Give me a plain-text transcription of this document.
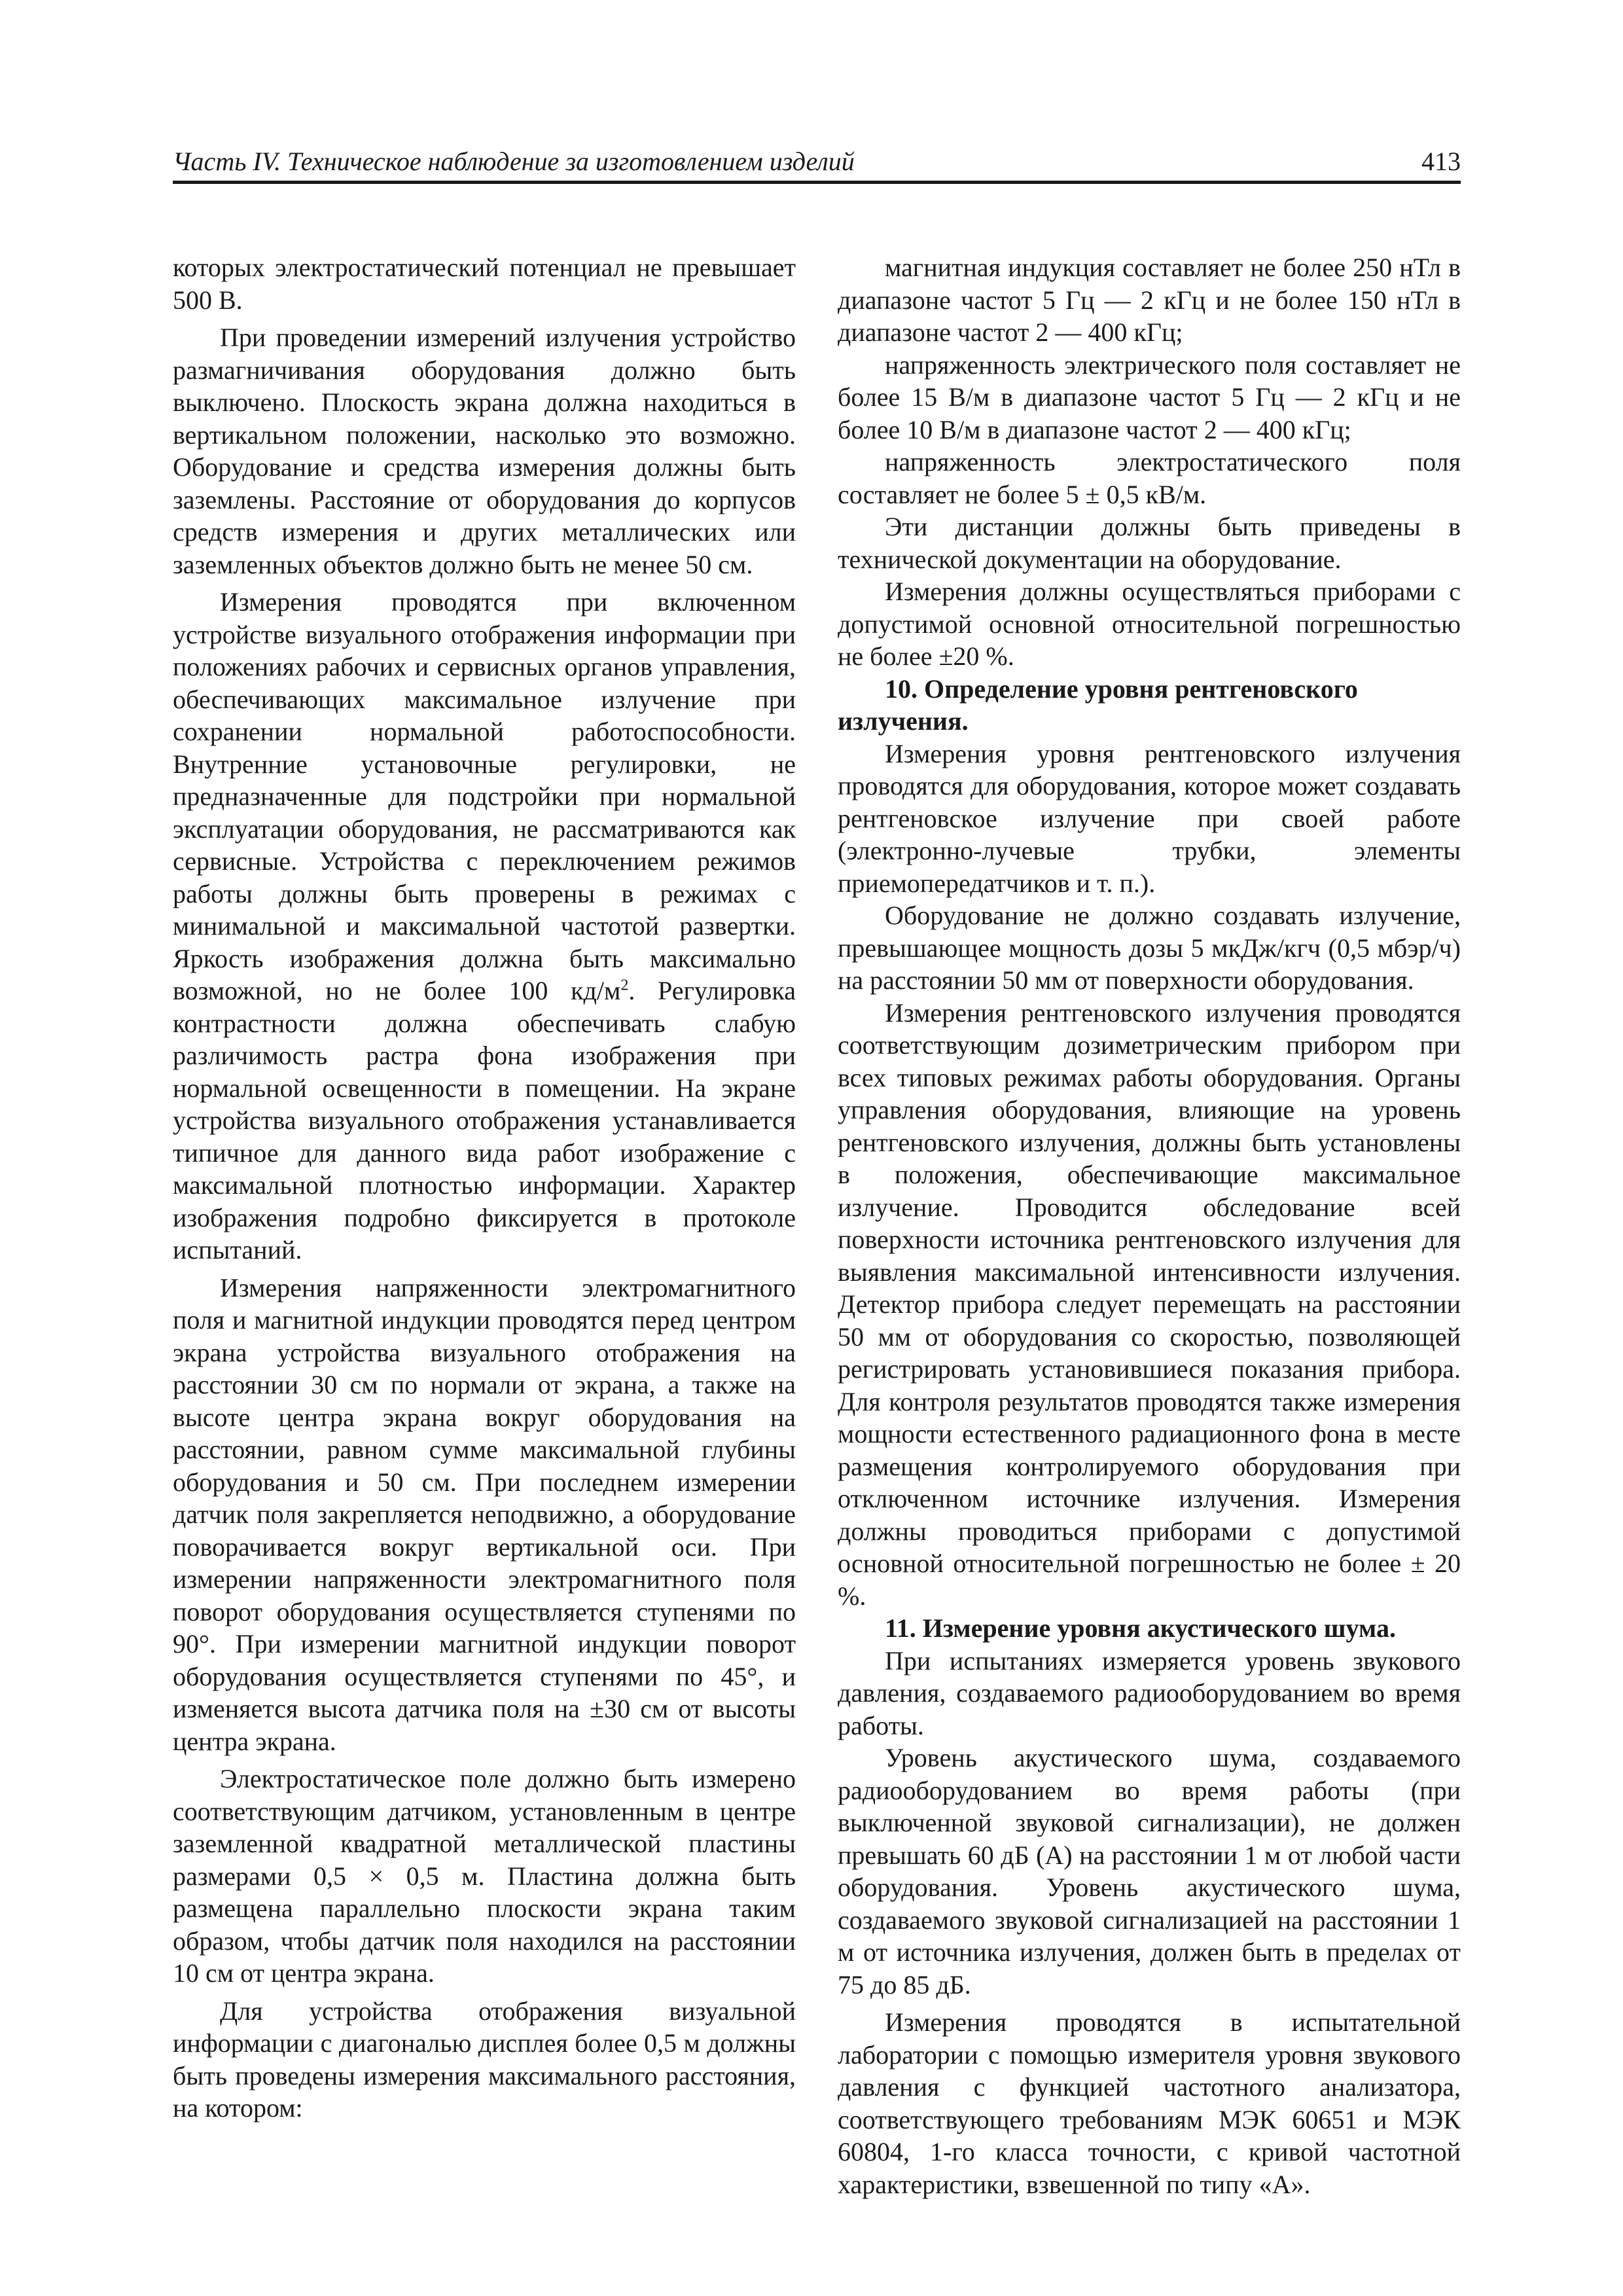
Часть IV. Техническое наблюдение за изготовлением изделий	413

которых электростатический потенциал не превышает 500 В.

При проведении измерений излучения устройство размагничивания оборудования должно быть выключено. Плоскость экрана должна находиться в вертикальном положении, насколько это возможно. Оборудование и средства измерения должны быть заземлены. Расстояние от оборудования до корпусов средств измерения и других металлических или заземленных объектов должно быть не менее 50 см.

Измерения проводятся при включенном устройстве визуального отображения информации при положениях рабочих и сервисных органов управления, обеспечивающих максимальное излучение при сохранении нормальной работоспособности. Внутренние установочные регулировки, не предназначенные для подстройки при нормальной эксплуатации оборудования, не рассматриваются как сервисные. Устройства с переключением режимов работы должны быть проверены в режимах с минимальной и максимальной частотой развертки. Яркость изображения должна быть максимально возможной, но не более 100 $кд/м^2$. Регулировка контрастности должна обеспечивать слабую различимость растра фона изображения при нормальной освещенности в помещении. На экране устройства визуального отображения устанавливается типичное для данного вида работ изображение с максимальной плотностью информации. Характер изображения подробно фиксируется в протоколе испытаний.

Измерения напряженности электромагнитного поля и магнитной индукции проводятся перед центром экрана устройства визуального отображения на расстоянии 30 см по нормали от экрана, а также на высоте центра экрана вокруг оборудования на расстоянии, равном сумме максимальной глубины оборудования и 50 см. При последнем измерении датчик поля закрепляется неподвижно, а оборудование поворачивается вокруг вертикальной оси. При измерении напряженности электромагнитного поля поворот оборудования осуществляется ступенями по 90°. При измерении магнитной индукции поворот оборудования осуществляется ступенями по 45°, и изменяется высота датчика поля на ±30 см от высоты центра экрана.

Электростатическое поле должно быть измерено соответствующим датчиком, установленным в центре заземленной квадратной металлической пластины размерами 0,5 × 0,5 м. Пластина должна быть размещена параллельно плоскости экрана таким образом, чтобы датчик поля находился на расстоянии 10 см от центра экрана.

Для устройства отображения визуальной информации с диагональю дисплея более 0,5 м должны быть проведены измерения максимального расстояния, на котором:

магнитная индукция составляет не более 250 нТл в диапазоне частот 5 Гц — 2 кГц и не более 150 нТл в диапазоне частот 2 — 400 кГц;

напряженность электрического поля составляет не более 15 В/м в диапазоне частот 5 Гц — 2 кГц и не более 10 В/м в диапазоне частот 2 — 400 кГц;

напряженность электростатического поля составляет не более 5 ± 0,5 кВ/м.

Эти дистанции должны быть приведены в технической документации на оборудование.

Измерения должны осуществляться приборами с допустимой основной относительной погрешностью не более ±20 %.

10. Определение уровня рентгеновского излучения.

Измерения уровня рентгеновского излучения проводятся для оборудования, которое может создавать рентгеновское излучение при своей работе (электронно-лучевые трубки, элементы приемопередатчиков и т. п.).

Оборудование не должно создавать излучение, превышающее мощность дозы 5 мкДж/кгч (0,5 мбэр/ч) на расстоянии 50 мм от поверхности оборудования.

Измерения рентгеновского излучения проводятся соответствующим дозиметрическим прибором при всех типовых режимах работы оборудования. Органы управления оборудования, влияющие на уровень рентгеновского излучения, должны быть установлены в положения, обеспечивающие максимальное излучение. Проводится обследование всей поверхности источника рентгеновского излучения для выявления максимальной интенсивности излучения. Детектор прибора следует перемещать на расстоянии 50 мм от оборудования со скоростью, позволяющей регистрировать установившиеся показания прибора. Для контроля результатов проводятся также измерения мощности естественного радиационного фона в месте размещения контролируемого оборудования при отключенном источнике излучения. Измерения должны проводиться приборами с допустимой основной относительной погрешностью не более ± 20 %.

11. Измерение уровня акустического шума.

При испытаниях измеряется уровень звукового давления, создаваемого радиооборудованием во время работы.

Уровень акустического шума, создаваемого радиооборудованием во время работы (при выключенной звуковой сигнализации), не должен превышать 60 дБ (А) на расстоянии 1 м от любой части оборудования. Уровень акустического шума, создаваемого звуковой сигнализацией на расстоянии 1 м от источника излучения, должен быть в пределах от 75 до 85 дБ.

Измерения проводятся в испытательной лаборатории с помощью измерителя уровня звукового давления с функцией частотного анализатора, соответствующего требованиям МЭК 60651 и МЭК 60804, 1-го класса точности, с кривой частотной характеристики, взвешенной по типу «А».
